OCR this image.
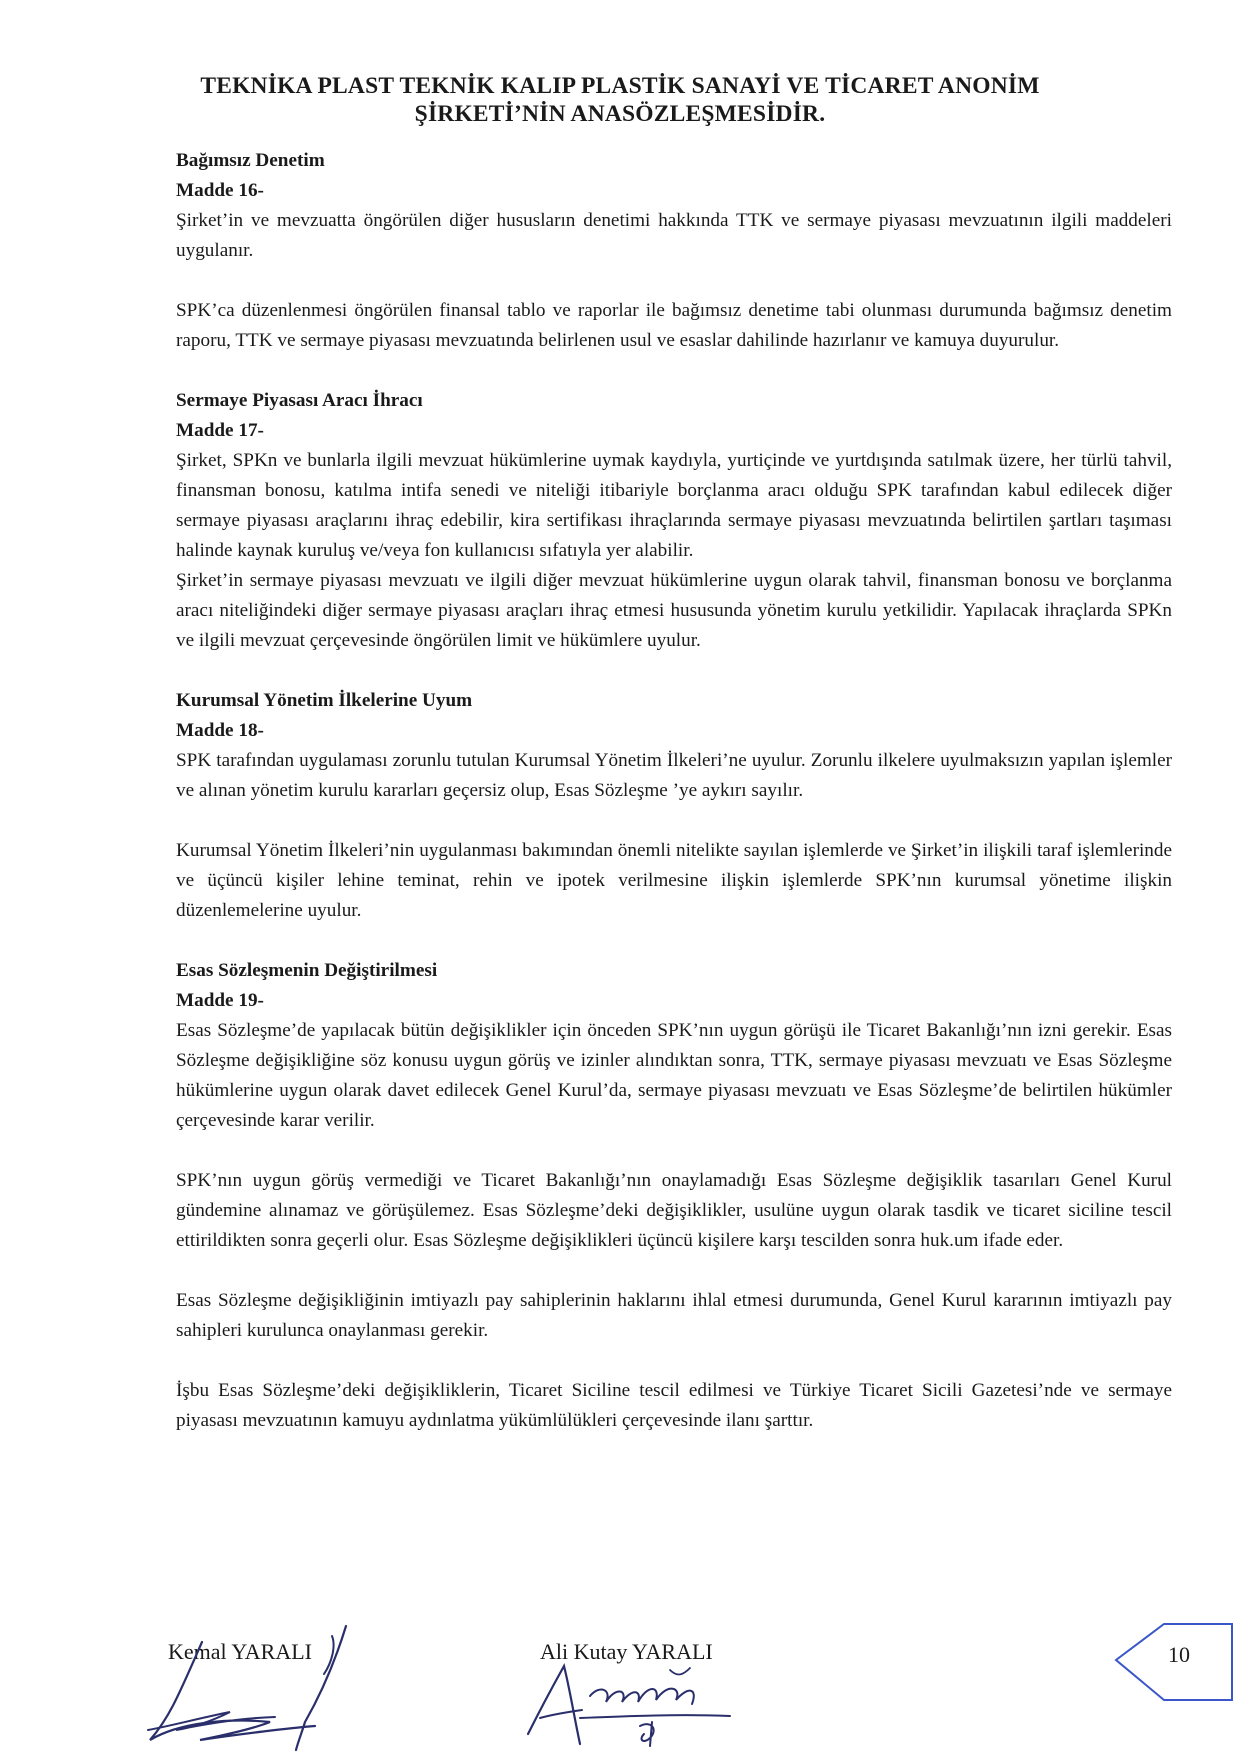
TEKNİKA PLAST TEKNİK KALIP PLASTİK SANAYİ VE TİCARET ANONİM
ŞİRKETİ’NİN ANASÖZLEŞMESİDİR.

Bağımsız Denetim

Madde 16-

Şirket’in ve mevzuatta öngörülen diğer hususların denetimi hakkında TTK ve sermaye piyasası mevzuatının ilgili maddeleri uygulanır.

SPK’ca düzenlenmesi öngörülen finansal tablo ve raporlar ile bağımsız denetime tabi olunması durumunda bağımsız denetim raporu, TTK ve sermaye piyasası mevzuatında belirlenen usul ve esaslar dahilinde hazırlanır ve kamuya duyurulur.

Sermaye Piyasası Aracı İhracı

Madde 17-

Şirket, SPKn ve bunlarla ilgili mevzuat hükümlerine uymak kaydıyla, yurtiçinde ve yurtdışında satılmak üzere, her türlü tahvil, finansman bonosu, katılma intifa senedi ve niteliği itibariyle borçlanma aracı olduğu SPK tarafından kabul edilecek diğer sermaye piyasası araçlarını ihraç edebilir, kira sertifikası ihraçlarında sermaye piyasası mevzuatında belirtilen şartları taşıması halinde kaynak kuruluş ve/veya fon kullanıcısı sıfatıyla yer alabilir.

Şirket’in sermaye piyasası mevzuatı ve ilgili diğer mevzuat hükümlerine uygun olarak tahvil, finansman bonosu ve borçlanma aracı niteliğindeki diğer sermaye piyasası araçları ihraç etmesi hususunda yönetim kurulu yetkilidir. Yapılacak ihraçlarda SPKn ve ilgili mevzuat çerçevesinde öngörülen limit ve hükümlere uyulur.

Kurumsal Yönetim İlkelerine Uyum

Madde 18-

SPK tarafından uygulaması zorunlu tutulan Kurumsal Yönetim İlkeleri’ne uyulur. Zorunlu ilkelere uyulmaksızın yapılan işlemler ve alınan yönetim kurulu kararları geçersiz olup, Esas Sözleşme ’ye aykırı sayılır.

Kurumsal Yönetim İlkeleri’nin uygulanması bakımından önemli nitelikte sayılan işlemlerde ve Şirket’in ilişkili taraf işlemlerinde ve üçüncü kişiler lehine teminat, rehin ve ipotek verilmesine ilişkin işlemlerde SPK’nın kurumsal yönetime ilişkin düzenlemelerine uyulur.

Esas Sözleşmenin Değiştirilmesi

Madde 19-

Esas Sözleşme’de yapılacak bütün değişiklikler için önceden SPK’nın uygun görüşü ile Ticaret Bakanlığı’nın izni gerekir. Esas Sözleşme değişikliğine söz konusu uygun görüş ve izinler alındıktan sonra, TTK, sermaye piyasası mevzuatı ve Esas Sözleşme hükümlerine uygun olarak davet edilecek Genel Kurul’da, sermaye piyasası mevzuatı ve Esas Sözleşme’de belirtilen hükümler çerçevesinde karar verilir.

SPK’nın uygun görüş vermediği ve Ticaret Bakanlığı’nın onaylamadığı Esas Sözleşme değişiklik tasarıları Genel Kurul gündemine alınamaz ve görüşülemez. Esas Sözleşme’deki değişiklikler, usulüne uygun olarak tasdik ve ticaret siciline tescil ettirildikten sonra geçerli olur. Esas Sözleşme değişiklikleri üçüncü kişilere karşı tescilden sonra huk.um ifade eder.

Esas Sözleşme değişikliğinin imtiyazlı pay sahiplerinin haklarını ihlal etmesi durumunda, Genel Kurul kararının imtiyazlı pay sahipleri kurulunca onaylanması gerekir.

İşbu Esas Sözleşme’deki değişikliklerin, Ticaret Siciline tescil edilmesi ve Türkiye Ticaret Sicili Gazetesi’nde ve sermaye piyasası mevzuatının kamuyu aydınlatma yükümlülükleri çerçevesinde ilanı şarttır.

Kemal YARALI	Ali Kutay YARALI	10
